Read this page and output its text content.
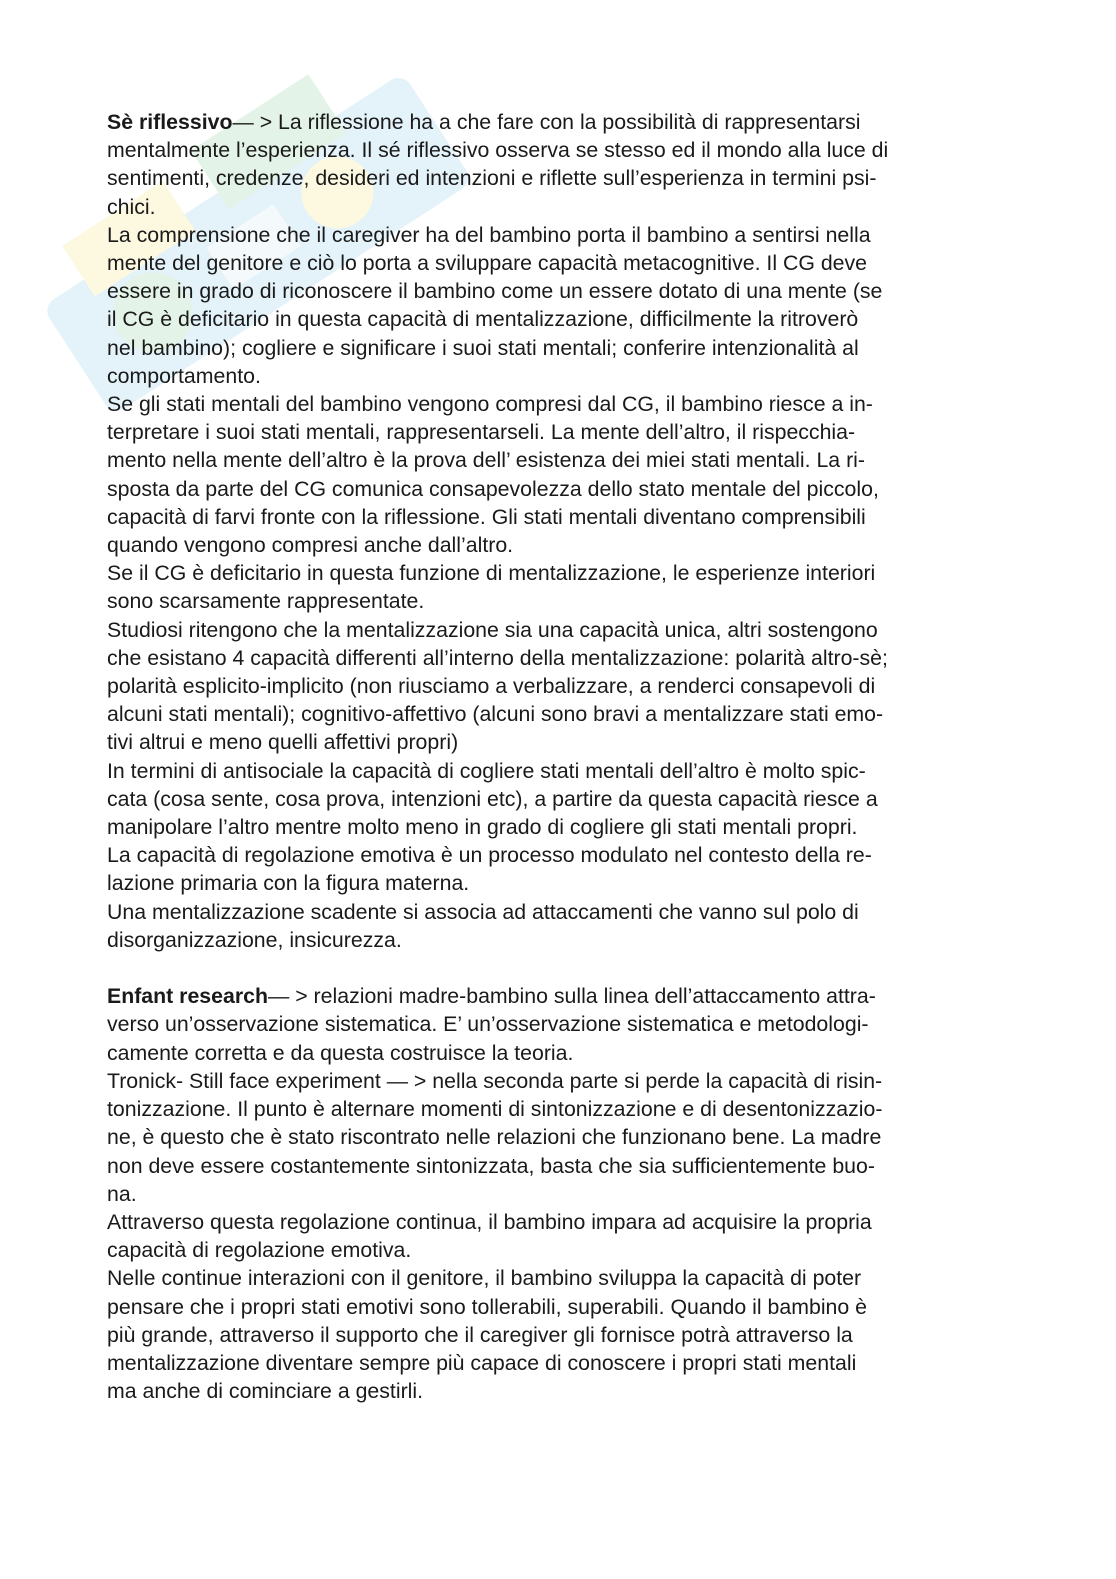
Sè riflessivo— > La riflessione ha a che fare con la possibilità di rappresentarsi
mentalmente l’esperienza. Il sé riflessivo osserva se stesso ed il mondo alla luce di
sentimenti, credenze, desideri ed intenzioni e riflette sull’esperienza in termini psi-
chici.
La comprensione che il caregiver ha del bambino porta il bambino a sentirsi nella
mente del genitore e ciò lo porta a sviluppare capacità metacognitive. Il CG deve
essere in grado di riconoscere il bambino come un essere dotato di una mente (se
il CG è deficitario in questa capacità di mentalizzazione, difficilmente la ritroverò
nel bambino); cogliere e significare i suoi stati mentali; conferire intenzionalità al
comportamento.
Se gli stati mentali del bambino vengono compresi dal CG, il bambino riesce a in-
terpretare i suoi stati mentali, rappresentarseli. La mente dell’altro, il rispecchia-
mento nella mente dell’altro è la prova dell’ esistenza dei miei stati mentali. La ri-
sposta da parte del CG comunica consapevolezza dello stato mentale del piccolo,
capacità di farvi fronte con la riflessione. Gli stati mentali diventano comprensibili
quando vengono compresi anche dall’altro.
Se il CG è deficitario in questa funzione di mentalizzazione, le esperienze interiori
sono scarsamente rappresentate.
Studiosi ritengono che la mentalizzazione sia una capacità unica, altri sostengono
che esistano 4 capacità differenti all’interno della mentalizzazione: polarità altro-sè;
polarità esplicito-implicito (non riusciamo a verbalizzare, a renderci consapevoli di
alcuni stati mentali); cognitivo-affettivo (alcuni sono bravi a mentalizzare stati emo-
tivi altrui e meno quelli affettivi propri)
In termini di antisociale la capacità di cogliere stati mentali dell’altro è molto spic-
cata (cosa sente, cosa prova, intenzioni etc), a partire da questa capacità riesce a
manipolare l’altro mentre molto meno in grado di cogliere gli stati mentali propri.
La capacità di regolazione emotiva è un processo modulato nel contesto della re-
lazione primaria con la figura materna.
Una mentalizzazione scadente si associa ad attaccamenti che vanno sul polo di
disorganizzazione, insicurezza.

Enfant research— > relazioni madre-bambino sulla linea dell’attaccamento attra-
verso un’osservazione sistematica. E’ un’osservazione sistematica e metodologi-
camente corretta e da questa costruisce la teoria.
Tronick- Still face experiment — > nella seconda parte si perde la capacità di risin-
tonizzazione. Il punto è alternare momenti di sintonizzazione e di desentonizzazio-
ne, è questo che è stato riscontrato nelle relazioni che funzionano bene. La madre
non deve essere costantemente sintonizzata, basta che sia sufficientemente buo-
na.
Attraverso questa regolazione continua, il bambino impara ad acquisire la propria
capacità di regolazione emotiva.
Nelle continue interazioni con il genitore, il bambino sviluppa la capacità di poter
pensare che i propri stati emotivi sono tollerabili, superabili. Quando il bambino è
più grande, attraverso il supporto che il caregiver gli fornisce potrà attraverso la
mentalizzazione diventare sempre più capace di conoscere i propri stati mentali
ma anche di cominciare a gestirli.
